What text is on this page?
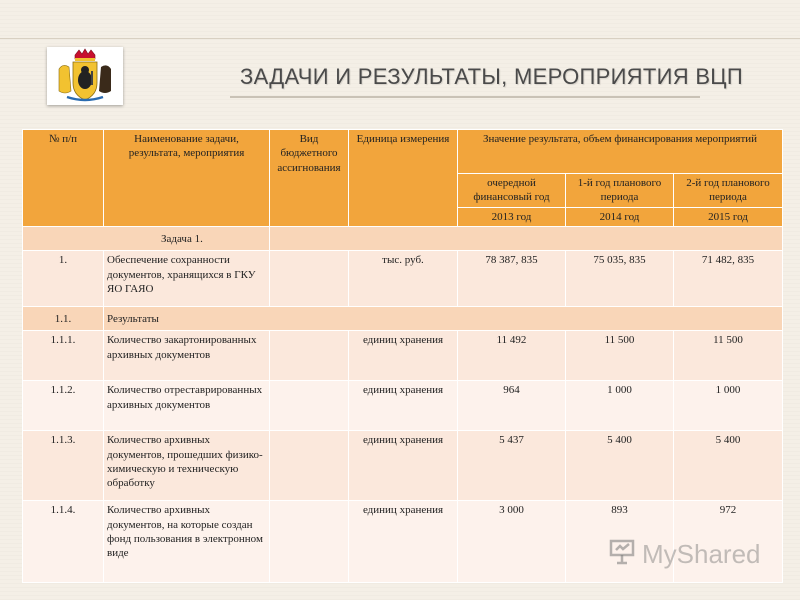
ЗАДАЧИ И РЕЗУЛЬТАТЫ, МЕРОПРИЯТИЯ ВЦП
№ п/п	Наименование задачи, результата, мероприятия	Вид бюджетного ассигнования	Единица измерения	Значение результата, объем финансирования мероприятий		
				очередной финансовый год	1-й год планового периода	2-й год планового периода
				2013 год	2014 год	2015 год
Задача 1.						
1.	Обеспечение сохранности документов, хранящихся в ГКУ ЯО ГАЯО		тыс. руб.	78 387, 835	75 035, 835	71 482, 835
1.1.	Результаты					
1.1.1.	Количество закартонированных архивных документов		единиц хранения	11 492	11 500	11 500
1.1.2.	Количество отреставрированных архивных документов		единиц хранения	964	1 000	1 000
1.1.3.	Количество архивных документов, прошедших физико-химическую и техническую обработку		единиц хранения	5 437	5 400	5 400
1.1.4.	Количество архивных документов, на которые создан фонд пользования в электронном виде		единиц хранения	3 000	893	972
MyShared
